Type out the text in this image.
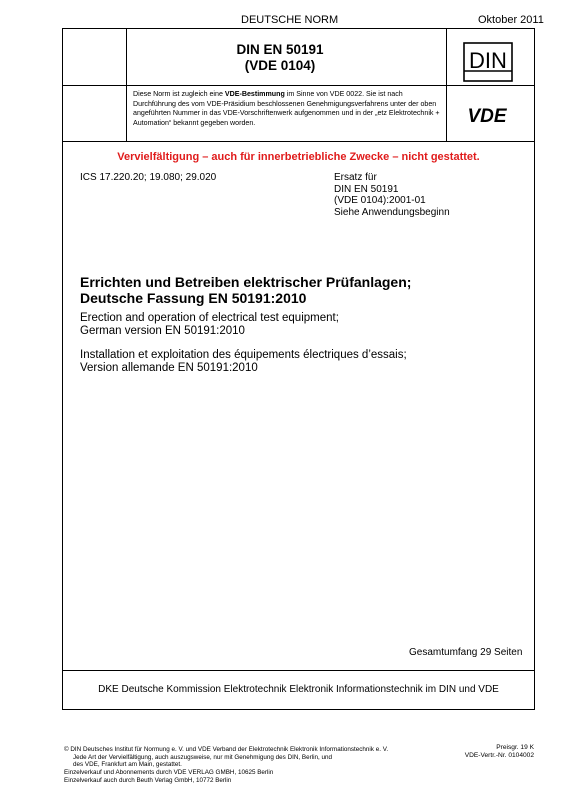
DEUTSCHE NORM	Oktober 2011
DIN EN 50191
(VDE 0104)	DIN
VDE
Diese Norm ist zugleich eine VDE-Bestimmung im Sinne von VDE 0022. Sie ist nach Durchführung des vom VDE-Präsidium beschlossenen Genehmigungsverfahrens unter der oben angeführten Nummer in das VDE-Vorschriftenwerk aufgenommen und in der „etz Elektrotechnik + Automation“ bekannt gegeben worden.
Vervielfältigung – auch für innerbetriebliche Zwecke – nicht gestattet.
ICS 17.220.20; 19.080; 29.020	Ersatz für
DIN EN 50191
(VDE 0104):2001-01
Siehe Anwendungsbeginn
Errichten und Betreiben elektrischer Prüfanlagen;
Deutsche Fassung EN 50191:2010
Erection and operation of electrical test equipment;
German version EN 50191:2010
Installation et exploitation des équipements électriques d’essais;
Version allemande EN 50191:2010
Gesamtumfang 29 Seiten
DKE Deutsche Kommission Elektrotechnik Elektronik Informationstechnik im DIN und VDE
© DIN Deutsches Institut für Normung e. V. und VDE Verband der Elektrotechnik Elektronik Informationstechnik e. V.
Jede Art der Vervielfältigung, auch auszugsweise, nur mit Genehmigung des DIN, Berlin, und
des VDE, Frankfurt am Main, gestattet.
Einzelverkauf und Abonnements durch VDE VERLAG GMBH, 10625 Berlin
Einzelverkauf auch durch Beuth Verlag GmbH, 10772 Berlin
Preisgr. 19 K
VDE-Vertr.-Nr. 0104002
